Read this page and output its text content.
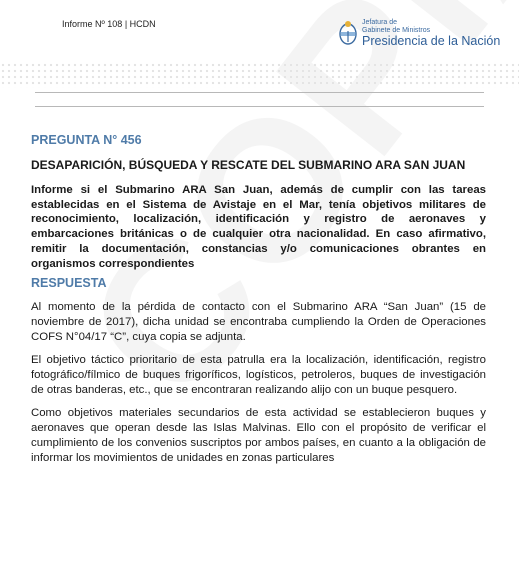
Informe Nº 108 | HCDN	Jefatura de
Gabinete de Ministros
Presidencia de la Nación

PREGUNTA N° 456

DESAPARICIÓN, BÚSQUEDA Y RESCATE DEL SUBMARINO ARA SAN JUAN

Informe si el Submarino ARA San Juan, además de cumplir con las tareas establecidas en el Sistema de Avistaje en el Mar, tenía objetivos militares de reconocimiento, localización, identificación y registro de aeronaves y embarcaciones británicas o de cualquier otra nacionalidad. En caso afirmativo, remitir la documentación, constancias y/o comunicaciones obrantes en organismos correspondientes

RESPUESTA

Al momento de la pérdida de contacto con el Submarino ARA “San Juan” (15 de noviembre de 2017), dicha unidad se encontraba cumpliendo la Orden de Operaciones COFS N°04/17 “C”, cuya copia se adjunta.

El objetivo táctico prioritario de esta patrulla era la localización, identificación, registro fotográfico/fílmico de buques frigoríficos, logísticos, petroleros, buques de investigación de otras banderas, etc., que se encontraran realizando alijo con un buque pesquero.

Como objetivos materiales secundarios de esta actividad se establecieron buques y aeronaves que operan desde las Islas Malvinas. Ello con el propósito de verificar el cumplimiento de los convenios suscriptos por ambos países, en cuanto a la obligación de informar los movimientos de unidades en zonas particulares
